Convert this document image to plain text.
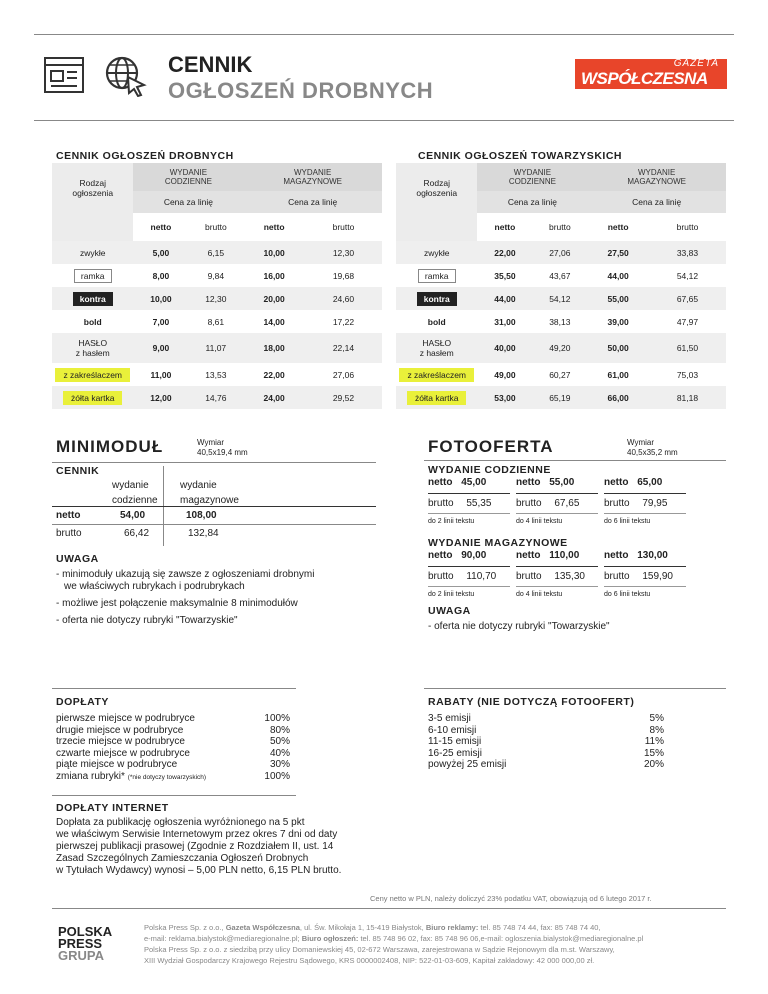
CENNIK
OGŁOSZEŃ DROBNYCH
GAZETA
WSPÓŁCZESNA
CENNIK OGŁOSZEŃ DROBNYCH
Rodzaj ogłoszenia	WYDANIE CODZIENNE		WYDANIE MAGAZYNOWE	
	Cena za linię		Cena za linię	
	netto	brutto	netto	brutto
zwykłe	5,00	6,15	10,00	12,30
ramka	8,00	9,84	16,00	19,68
kontra	10,00	12,30	20,00	24,60
bold	7,00	8,61	14,00	17,22
HASŁO
z hasłem	9,00	11,07	18,00	22,14
z zakreślaczem	11,00	13,53	22,00	27,06
żółta kartka	12,00	14,76	24,00	29,52
CENNIK OGŁOSZEŃ TOWARZYSKICH
Rodzaj ogłoszenia	WYDANIE CODZIENNE		WYDANIE MAGAZYNOWE	
	Cena za linię		Cena za linię	
	netto	brutto	netto	brutto
zwykłe	22,00	27,06	27,50	33,83
ramka	35,50	43,67	44,00	54,12
kontra	44,00	54,12	55,00	67,65
bold	31,00	38,13	39,00	47,97
HASŁO
z hasłem	40,00	49,20	50,00	61,50
z zakreślaczem	49,00	60,27	61,00	75,03
żółta kartka	53,00	65,19	66,00	81,18
MINIMODUŁ	Wymiar
40,5x19,4 mm
CENNIK
wydanie
codzienne
wydanie
magazynowe
netto	54,00	108,00
brutto	66,42	132,84
UWAGA
- minimoduły ukazują się zawsze z ogłoszeniami drobnymi
we właściwych rubrykach i podrubrykach
- możliwe jest połączenie maksymalnie 8 minimodułów
- oferta nie dotyczy rubryki "Towarzyskie"
FOTOOFERTA	Wymiar
40,5x35,2 mm
WYDANIE CODZIENNE
netto 45,00
brutto 55,35
do 2 linii tekstu
netto 55,00
brutto 67,65
do 4 linii tekstu
netto 65,00
brutto 79,95
do 6 linii tekstu
WYDANIE MAGAZYNOWE
netto 90,00
brutto 110,70
do 2 linii tekstu
netto 110,00
brutto 135,30
do 4 linii tekstu
netto 130,00
brutto 159,90
do 6 linii tekstu
UWAGA
- oferta nie dotyczy rubryki "Towarzyskie"
DOPŁATY
pierwsze miejsce w podrubryce	100%
drugie miejsce w podrubryce	80%
trzecie miejsce w podrubryce	50%
czwarte miejsce w podrubryce	40%
piąte miejsce w podrubryce	30%
zmiana rubryki* (*nie dotyczy towarzyskich)	100%
RABATY (NIE DOTYCZĄ FOTOOFERT)
3-5 emisji	5%
6-10 emisji	8%
11-15 emisji	11%
16-25 emisji	15%
powyżej 25 emisji	20%
DOPŁATY INTERNET
Dopłata za publikację ogłoszenia wyróżnionego na 5 pkt
we właściwym Serwisie Internetowym przez okres 7 dni od daty
pierwszej publikacji prasowej (Zgodnie z Rozdziałem II, ust. 14
Zasad Szczególnych Zamieszczania Ogłoszeń Drobnych
w Tytułach Wydawcy) wynosi – 5,00 PLN netto, 6,15 PLN brutto.
Ceny netto w PLN, należy doliczyć 23% podatku VAT, obowiązują od 6 lutego 2017 r.
POLSKA
PRESS
GRUPA
Polska Press Sp. z o.o., Gazeta Współczesna, ul. Św. Mikołaja 1, 15-419 Białystok, Biuro reklamy: tel. 85 748 74 44, fax: 85 748 74 40,
e-mail: reklama.bialystok@mediaregionalne.pl; Biuro ogłoszeń: tel. 85 748 96 02, fax: 85 748 96 06,e-mail: ogloszenia.bialystok@mediaregionalne.pl
Polska Press Sp. z o.o. z siedzibą przy ulicy Domaniewskiej 45, 02-672 Warszawa, zarejestrowana w Sądzie Rejonowym dla m.st. Warszawy,
XIII Wydział Gospodarczy Krajowego Rejestru Sądowego, KRS 0000002408, NIP: 522-01-03-609, Kapitał zakładowy: 42 000 000,00 zł.
